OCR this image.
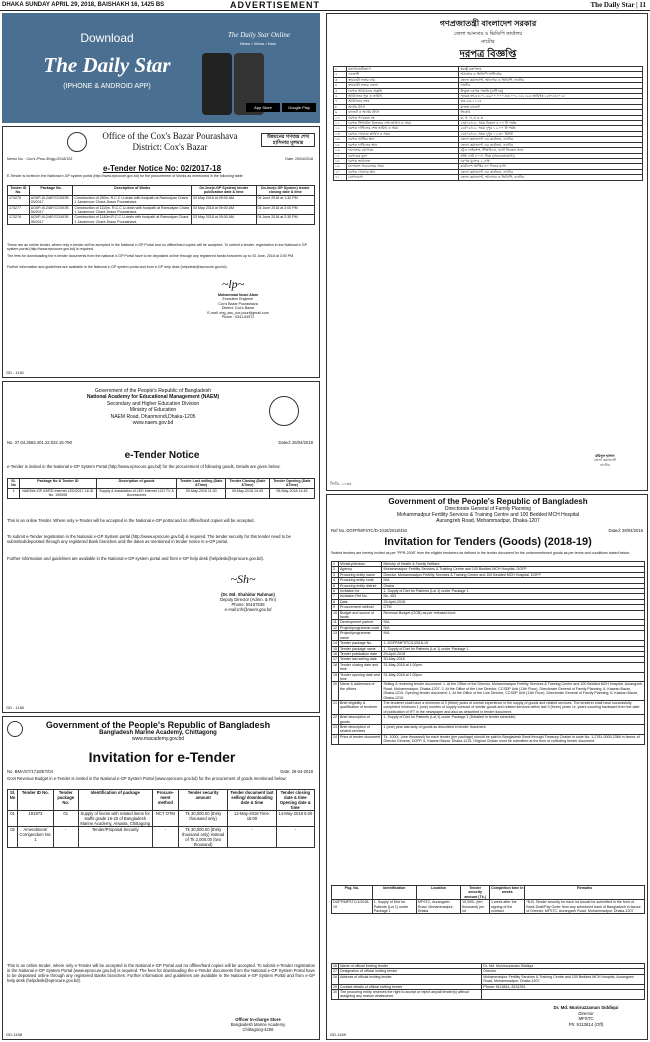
DHAKA SUNDAY APRIL 29, 2018, BAISHAKH 16, 1425 BS	ADVERTISEMENT	The Daily Star | 11
Download
The Daily Star
(IPHONE & ANDROID APP)
The Daily Star Online
News • Views • Now
App Store	Google Play
Office of the Cox's Bazar Pourashava
District: Cox's Bazar
উন্নয়নের গণতন্ত্র শেখ হাসিনার মূলমন্ত্র
Memo No. : Cox's /Prou./Engg./2018/102	Date: 25/04/2018
e-Tender Notice No: 02/2017-18
E-Tender is invited in the National e-GP system portal (http://www.eprocure.gov.bd) for the procurement of Works as mentioned in the following table:
Tender ID No.	Package No.	Description of Works	On-line(e-GP System) tender publication date & time	On-line(e-GP System) tender closing date & time
173275	UGIIP-III-2/AF/COX/DR-03/2017	Construction of 250m. R.C.C U-drain with footpath at Ramudyan Chara 1 Jaoarmoor Chara Jhaou Pourashava	03 May 2018 at 09:00 AM	04 June 2018 at 1:30 PM
173277	UGIIP-III-2/AF/COX/DR-04/2017	Construction of 1110m. R.C.C U-drain with footpath at Ramudyan Chara 1 Jaoarmoor Chara Jhaou Pourashava	03 May 2018 at 09:00 AM	04 June 2018 at 2:00 PM
173278	UGIIP-III-2/AF/COX/DR-05/2017	Construction of 1140m.R.C.C U-drain with footpath at Ramudyan Chara 1 Jaoarmoor Chara Jhaou Pourashava	03 May 2018 at 09:00 AM	04 June 2018 at 2:30 PM
These are an online tender, where only e-tender will be accepted in the National e-GP Portal and no offline/hard copies will be accepted. To submit e-tender, registration in the National e-GP system portal (http://www.eprocure.gov.bd) is required.
The fees for downloading the e-tender documents from the national e-GP Portal have to be deposited online through any registered banks branches up to 03 June, 2018 at 3:00 PM.
Further information and guidelines are available in the National e-GP system portal and from e-GP help desk (helpdesk@eprocure.gov.bd).
~lp~
Mohammad Nurul Alam
Executive Engineer
Cox's Bazar Pourashava
District: Cox's Bazar
E-mail: eng_sss_cox.pour@gmail.com
Phone : 0341-64572
GD - 1161
Government of the People's Republic of Bangladesh
National Academy for Educational Management (NAEM)
Secondary and Higher Education Division
Ministry of Education
NAEM Road, Dhanmondi,Dhaka-1205
www.naem.gov.bd
No. 37.04.2663.401.22.022.15-790	Dated: 26/04/2018
e-Tender Notice
e-Tender is invited in the National e-GP System Portal (http://www.eprocure.gov.bd) for the procurement of following goods. Details are given below:
Sl. No	Package No & Tender ID	Description of goods	Tender Last selling (Date &Time)	Tender Closing (Date &Time)	Tender Opening (Date &Time)
1	NAEM/e-GP-03/RD Internet LED/2017-18 ID No. 190008	Supply & installation of LED Internet LCD TV & Accessories	09-May-2018 11:30	09-May-2018 14:45	09-May-2018 14:45
This is an online Tender. Where only e-Tender will be accepted in the National e-GP portal and no offline/hard copies will be accepted.
To submit e-Tender registration in the National e-GP System portal (http://www.eprocure.gov.bd) is required. The tender security for this tender need to be submitted/deposited through any registered Bank branches until the dates as mentioned in tender notice in e-GP portal.
Further information and guidelines are available in the National e-GP system portal and from e-GP help desk (helpdesk@eprocure.gov.bd).
~Sh~
(Dr. Md. Shahidur Rahman)
Deputy Director (Admn. & Fin)
Phone: 55167535
e-mail:mfr@naem.gov.bd
GD - 1160
Government of the People's Republic of Bangladesh
Bangladesh Marine Academy, Chittagong
www.macademy.gov.bd
Invitation for e-Tender
No. BMA/ST/1718/ET/04	Date: 26-04-2018
Govt Revenue Budget in e-Tender is invited in the National e-GP System Portal (www.eprocure.gov.bd) for the procurement of goods mentioned below:
Sl. No	Tender ID No.	Tender package No.	Identification of package	Procure-ment method	Tender security amount	Tender document last selling/ downloading date & time	Tender closing date & time Opening date & time
01	191973	01	Supply of linens with related items for staffs grade 16-20 of Bangladesh Marine Academy, Anwara, Chittagong	NCT OTM	Tk 30,000.00 (thirty thousand only)	13-May-2018 Time: 16:00	14-May-2018 9.00
02	Amendment/ Corrigendum No: 1	-	Tender/Proposal Security	-	Tk 30,000.00 (thirty thousand only) instead of Tk 2,000.00 (two thousand)	-	-
This is an online tender, where only e-Tender will be accepted in the National e-GP Portal and no offline/hard copies will be accepted. To submit e-Tender registration in the National e-GP System Portal (www.eprocure.gov.bd) is required. The fees for downloading the e-Tender documents from the National e-GP System Portal have to be deposited online through any registered Banks branches. Further information and guidelines are available in the National e-GP System Portal and from e-GP help desk (helpdesk@eprocure.gov.bd).
Officer In-charge Store
Bangladesh Marine Academy
Chittagong-4206
GD-1158
গণপ্রজাতন্ত্রী বাংলাদেশ সরকার
জেলা আনসার ও ভিডিপি কার্যালয়
নাটোর
দরপত্র বিজ্ঞপ্তি
১	মন্ত্রণালয়/বিভাগ	স্বরাষ্ট্র মন্ত্রণালয়
২	এজেন্সী	আনসার ও ভিডিপি অধিদপ্তর
৩	ক্রয়কারী সত্তার নাম	জেলা কমান্ড্যান্ট, আনসার ও ভিডিপি, নাটোর
৪	ক্রয়কারী সত্তার জেলা	নাটোর
৫	দরপত্র আহ্বানের প্রকৃতি	উন্মুক্ত দরপত্র পদ্ধতি (ওটিএম)
৬	আহ্বানের সূত্র ও তারিখ	স্মারক নং-৪৪.০১.৬৯০০.০০০.৩৩.০০২.১৮-১৬৫ তারিখঃ ২৫/০৪/২০১৮
৭	আহ্বানের নম্বর	৩৩-২৩-১১১৪
৮	অর্থের উৎস	রাজস্ব বাজেট
৯	বাজেট ও অর্থের উৎস	জিওবি
১০	দরপত্র প্যাকেজ নং	ক, খ, গ, ঘ ও ঙ
১১	দরপত্র সিডিউল বিক্রয়ের শেষ তারিখ ও সময়	২৩/০৫/১৮, সময় বিকাল ৪.০০ টা পর্যন্ত
১২	দরপত্র দাখিলের শেষ তারিখ ও সময়	২৪/০৫/১৮, সময় দুপুর ১২.০০ টা পর্যন্ত
১৩	দরপত্র খোলার তারিখ ও সময়	২৪/০৫/১৮, সময় দুপুর ১২.৩০ মিনিট
১৪	দরপত্র প্রাপ্তির স্থান	জেলা কমান্ড্যান্ট এর কার্যালয়, নাটোর
১৫	দরপত্র দাখিলের স্থান	জেলা কমান্ড্যান্ট এর কার্যালয়, নাটোর
১৬	দরদাতার যোগ্যতা	ট্রেড লাইসেন্স, টিআইএন, ভ্যাট নিবন্ধন সনদ
১৭	দরপত্রের মূল্য	প্রতি সেট ৫০০/- টাকা (অফেরতযোগ্য)
১৮	দরপত্র জামানত	দরপত্র মূল্যের ২.৫%
১৯	মালামাল সরবরাহের সময়	কার্যাদেশ প্রাপ্তির ৩০ দিনের মধ্যে
২০	দরপত্র খোলার স্থান	জেলা কমান্ড্যান্ট এর কার্যালয়, নাটোর
২১	যোগাযোগ	জেলা কমান্ড্যান্ট, আনসার ও ভিডিপি, নাটোর
মমিনুল হাসান
জেলা কমান্ড্যান্ট
নাটোর
জিডি- ১১৬৪
Government of the People's Republic of Bangladesh
Directorate General of Family Planning
Mohammadpur Fertility Services & Training Centre and 100 Bedded MCH Hospital
Aurangzeb Road, Mohammadpur, Dhaka-1207
Ref No. DGFP/MFSTC/D-1016/2018/453	Dated: 28/04/2018
Invitation for Tenders (Goods) (2018-19)
Sealed tenders are hereby invited as per "PPR-2008" from the eligible tenderers as defined in the tender document for the undermentioned goods as per terms and conditions stated below:
1	Ministry/division	Ministry of Health & Family Welfare
2	Agency	Mohammadpur Fertility Services & Training Centre and 100 Bedded MCH Hospital, DGFP
3	Procuring entity name	Director, Mohammadpur Fertility Services & Training Centre and 100 Bedded MCH Hospital, DGFP
4	Procuring entity code	N/A
5	Procuring entity district	Dhaka
6	Invitation for	1. Supply of Diet for Patients (Lot 1) under Package 1.
7	Invitation Ref No.	No. 453
8	Date	29-April-2018
9	Procurement method	OTM
10	Budget and source of funds	Revenue Budget (GOB) as per released fund
11	Development partner	N/A
12	Project/programme code	N/A
13	Project/programme name	N/A
14	Tender package No.	1. DGFP/MFSTC/1/2018-19
15	Tender package name	1. Supply of Diet for Patients (Lot 1) under Package 1.
16	Tender publication date	29-April-2018
17	Tender last selling date	30-May-2018
18	Tender closing date and time	31-May-2018 at 1:00pm.
19	Tender opening date and time	31-May-2018 at 1:00pm.
20	Name & addresses of the offices	Selling & receiving tender document: 1. At the Office of the Director, Mohammadpur Fertility Services & Training Centre and 100 Bedded MCH Hospital, Aurangzeb Road, Mohammadpur, Dhaka-1207. 2. At the Office of the Line Director, CCSDP Unit (11th Floor), Directorate General of Family Planning, 6, Kawran Bazar, Dhaka-1215. Opening tender document: 1. At the Office of the Line Director, CCSDP Unit (11th Floor), Directorate General of Family Planning, 6, Kawran Bazar, Dhaka-1215.
21	Brief eligibility & qualification of tenderer	The tenderer shall have a minimum of 3 (three) years of overall experience in the supply of goods and related services. The tenderer shall have successfully completed minimum 1 (one) number of supply contract of similar goods and related services within last 3 (three) years i.e. years counting backward from the date of publication of IFT in the newspaper and also as described in tender document.
22	Brief description of goods	1. Supply of Diet for Patients (Lot 1) under Package 1 (Detailed in tender schedule)
23	Brief description of related services	1 (one) year warranty of goods as described in tender document.
24	Price of tender document	Tk. 1000/- (one thousand) for each tender (per package) should be paid in Bangladesh Bank through Treasury Chalan in code No. 1-2781-0000-2366 in favour of Director General, DGFP, 6, Kawran Bazar, Dhaka-1215. Original Chalan must be submitted at the time of collecting tender document.
Pkg. No.	Identification	Location	Tender security amount (Tk.)	Completion time in weeks	Remarks
DGFP/MFSTC/1/2018-19	1. Supply of Diet for Patients (Lot 1) under Package 1	MFSTC, Aurangzeb Road, Mohammadpur, Dhaka	10,000/- (ten thousand) per lot	1 week after the signing of the contract	*N.B. Tender security for each lot should be submitted in the form of Bank Draft/Pay Order from any scheduled bank of Bangladesh in favour of Director, MFSTC, Aurangzeb Road, Mohammadpur, Dhaka-1207
26	Name of official inviting tender	Dr. Md. Muniruzzaman Siddiqui
27	Designation of official inviting tender	Director
28	Address of official inviting tender	Mohammadpur Fertility Services & Training Centre and 100 Bedded MCH Hospital, Aurangzeb Road, Mohammadpur, Dhaka-1207.
29	Contact details of official inviting tender	Phone: 9113814, 8131391
30	The procuring entity reserves the right to accept or reject any/all tender(s) without assigning any reason whatsoever.	
Dr. Md. Muniruzzaman Siddiqui
Director
MFSTC
Ph: 9113814 (Off)
GD-1169
